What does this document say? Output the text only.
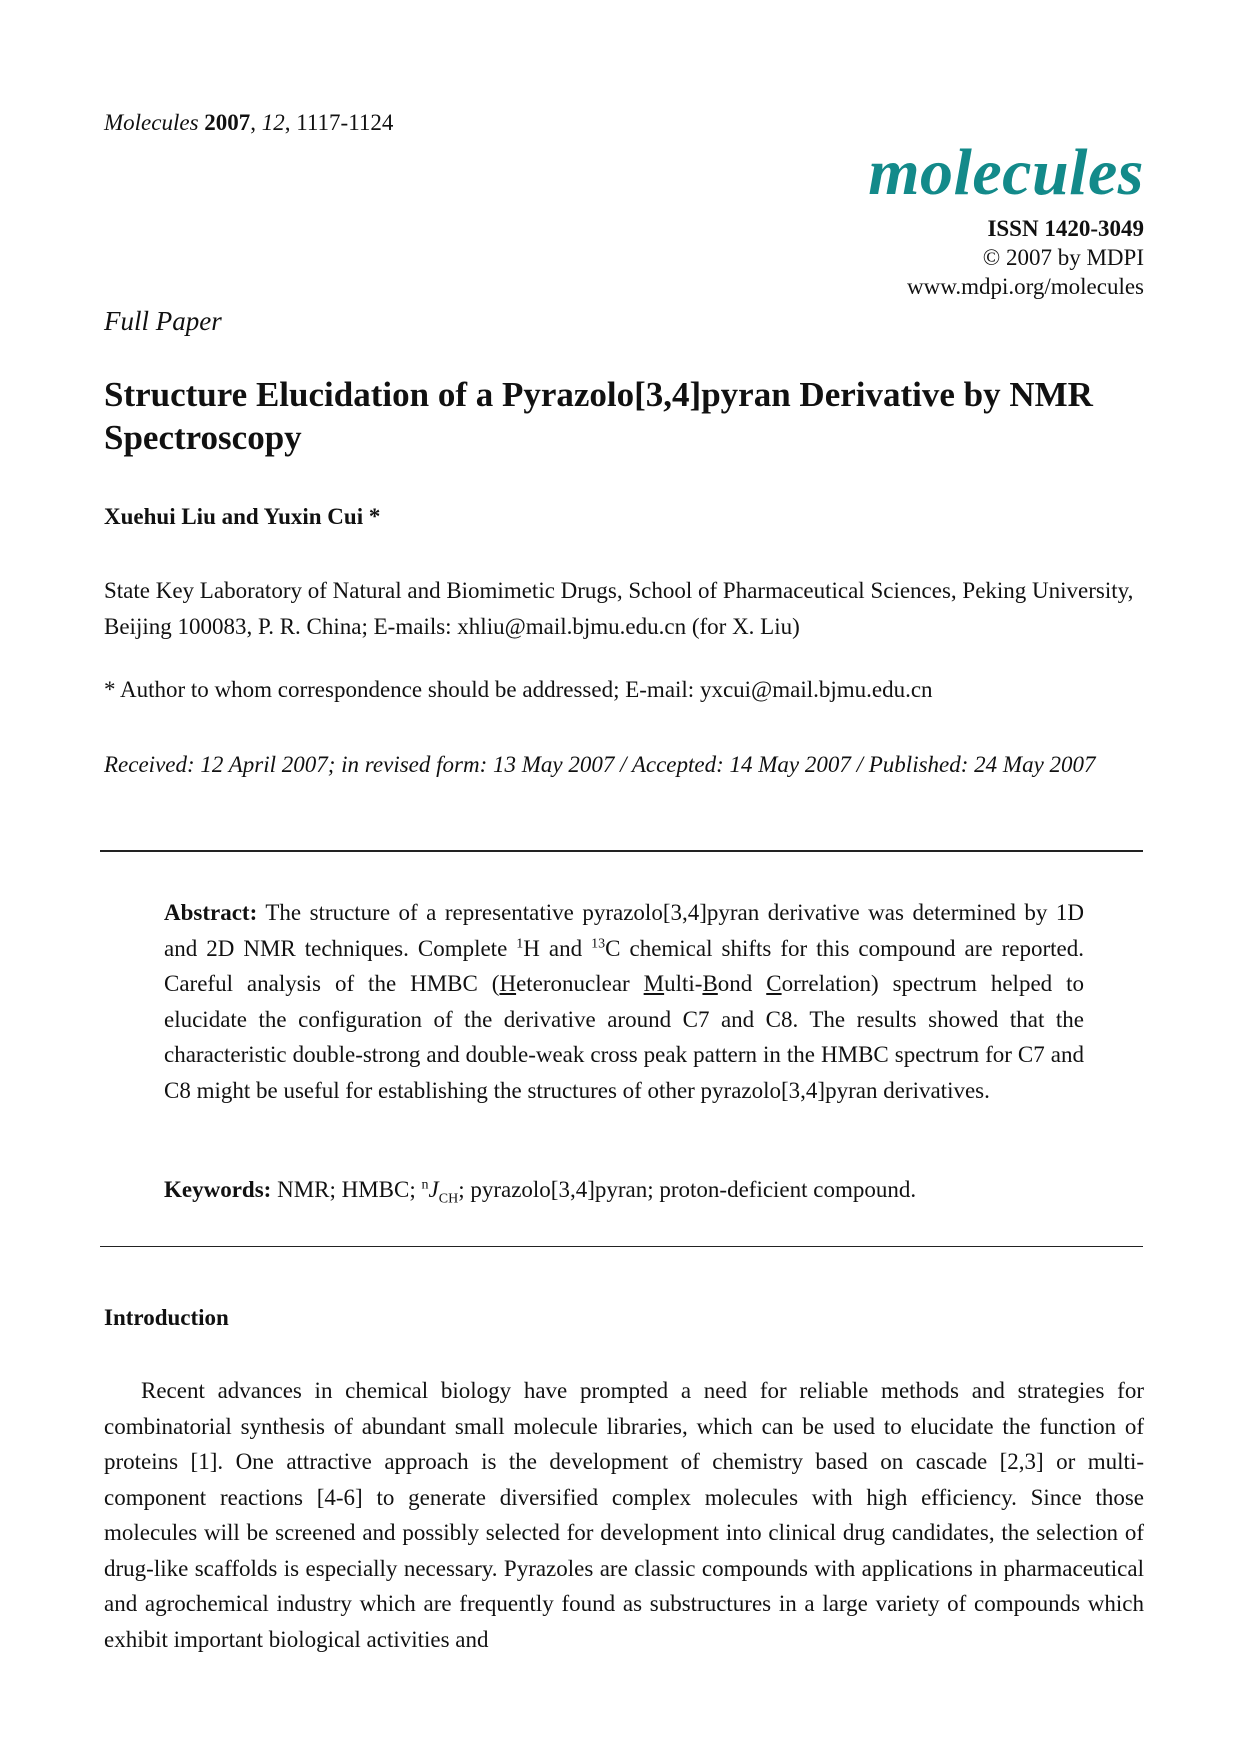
Molecules 2007, 12, 1117-1124
molecules
ISSN 1420-3049
© 2007 by MDPI
www.mdpi.org/molecules
Full Paper
Structure Elucidation of a Pyrazolo[3,4]pyran Derivative by NMR Spectroscopy
Xuehui Liu and Yuxin Cui *
State Key Laboratory of Natural and Biomimetic Drugs, School of Pharmaceutical Sciences, Peking University, Beijing 100083, P. R. China; E-mails: xhliu@mail.bjmu.edu.cn (for X. Liu)
* Author to whom correspondence should be addressed; E-mail: yxcui@mail.bjmu.edu.cn
Received: 12 April 2007; in revised form: 13 May 2007 / Accepted: 14 May 2007 / Published: 24 May 2007
Abstract: The structure of a representative pyrazolo[3,4]pyran derivative was determined by 1D and 2D NMR techniques. Complete $^1$H and $^{13}$C chemical shifts for this compound are reported. Careful analysis of the HMBC (Heteronuclear Multi-Bond Correlation) spectrum helped to elucidate the configuration of the derivative around C7 and C8. The results showed that the characteristic double-strong and double-weak cross peak pattern in the HMBC spectrum for C7 and C8 might be useful for establishing the structures of other pyrazolo[3,4]pyran derivatives.
Keywords: NMR; HMBC; $^nJ_{CH}$; pyrazolo[3,4]pyran; proton-deficient compound.
Introduction
Recent advances in chemical biology have prompted a need for reliable methods and strategies for combinatorial synthesis of abundant small molecule libraries, which can be used to elucidate the function of proteins [1]. One attractive approach is the development of chemistry based on cascade [2,3] or multi-component reactions [4-6] to generate diversified complex molecules with high efficiency. Since those molecules will be screened and possibly selected for development into clinical drug candidates, the selection of drug-like scaffolds is especially necessary. Pyrazoles are classic compounds with applications in pharmaceutical and agrochemical industry which are frequently found as substructures in a large variety of compounds which exhibit important biological activities and
